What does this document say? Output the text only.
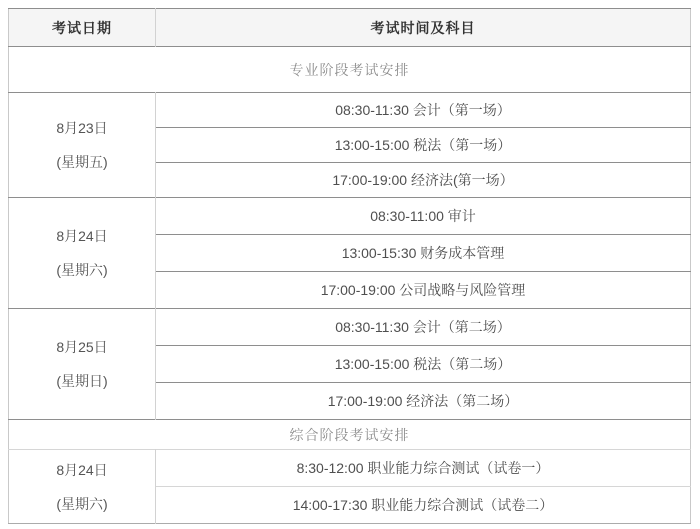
考试日期	考试时间及科目
专业阶段考试安排	

8月23日
(星期五)	08:30-11:30 会计（第一场）
	13:00-15:00 税法（第一场）
	17:00-19:00 经济法(第一场）

8月24日
(星期六)	08:30-11:00 审计
	13:00-15:30 财务成本管理
	17:00-19:00 公司战略与风险管理

8月25日
(星期日)	08:30-11:30 会计（第二场）
	13:00-15:00 税法（第二场）
	17:00-19:00 经济法（第二场）
综合阶段考试安排	

8月24日
(星期六)	8:30-12:00 职业能力综合测试（试卷一）
	14:00-17:30 职业能力综合测试（试卷二）
